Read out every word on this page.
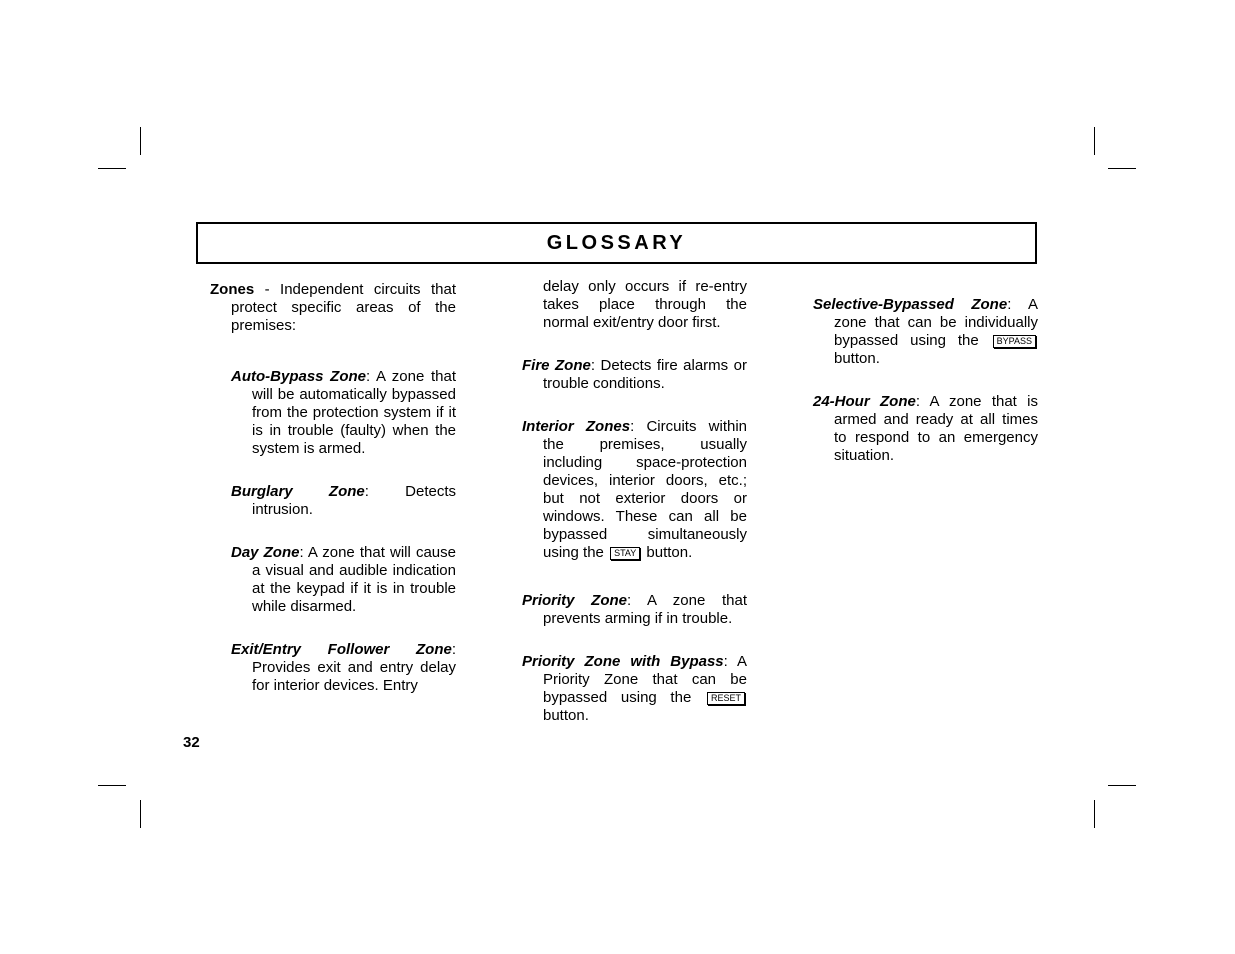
GLOSSARY

Zones - Independent circuits that protect specific areas of the premises:

Auto-Bypass Zone: A zone that will be automatically bypassed from the protection system if it is in trouble (faulty) when the system is armed.

Burglary Zone: Detects intrusion.

Day Zone: A zone that will cause a visual and audible indication at the keypad if it is in trouble while disarmed.

Exit/Entry Follower Zone: Provides exit and entry delay for interior devices. Entry

delay only occurs if re-entry takes place through the normal exit/entry door first.

Fire Zone: Detects fire alarms or trouble conditions.

Interior Zones: Circuits within the premises, usually including space-protection devices, interior doors, etc.; but not exterior doors or windows. These can all be bypassed simultaneously using the STAY button.

Priority Zone: A zone that prevents arming if in trouble.

Priority Zone with Bypass: A Priority Zone that can be bypassed using the RESET button.

Selective-Bypassed Zone: A zone that can be individually bypassed using the BYPASS button.

24-Hour Zone: A zone that is armed and ready at all times to respond to an emergency situation.

32
